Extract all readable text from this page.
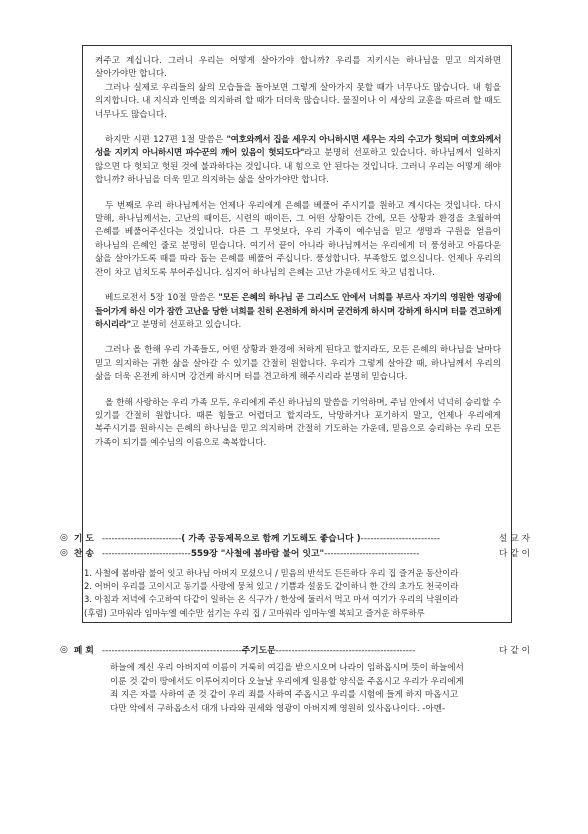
켜주고 계십니다. 그러니 우리는 어떻게 살아가야 합니까? 우리를 지키시는 하나님을 믿고 의지하면 살아가야만 합니다.

그러나 실제로 우리들의 삶의 모습들을 돌아보면 그렇게 살아가지 못할 때가 너무나도 많습니다. 내 힘을 의지합니다. 내 지식과 인맥을 의지하려 할 때가 더더욱 많습니다. 물질이나 이 세상의 교훈을 따르려 할 때도 너무나도 많습니다.

하지만 시편 127편 1절 말씀은 "여호와께서 집을 세우지 아니하시면 세우는 자의 수고가 헛되며 여호와께서 성을 지키지 아니하시면 파수꾼의 깨어 있음이 헛되도다"라고 분명히 선포하고 있습니다. 하나님께서 일하지 않으면 다 헛되고 헛된 것에 불과하다는 것입니다. 내 힘으로 안 된다는 것입니다. 그러니 우리는 어떻게 해야 합니까? 하나님을 더욱 믿고 의지하는 삶을 살아가야만 합니다.

두 번째로 우리 하나님께서는 언제나 우리에게 은혜를 베풀어 주시기를 원하고 계시다는 것입니다. 다시 말해, 하나님께서는, 고난의 때이든, 시련의 때이든, 그 어떤 상황이든 간에, 모든 상황과 환경을 초월하여 은혜를 베풀어주신다는 것입니다. 다른 그 무엇보다, 우리 가족이 예수님을 믿고 생명과 구원을 얻음이 하나님의 은혜인 줄로 분명히 믿습니다. 여기서 끝이 아니라 하나님께서는 우리에게 더 풍성하고 아름다운 삶을 살아가도록 때를 따라 돕는 은혜를 베풀어 주십니다. 풍성합니다. 부족함도 없으십니다. 언제나 우리의 잔이 차고 넘치도록 부어주십니다. 심지어 하나님의 은혜는 고난 가운데서도 차고 넘칩니다.

베드로전서 5장 10절 말씀은 "모든 은혜의 하나님 곧 그리스도 안에서 너희를 부르사 자기의 영원한 영광에 들어가게 하신 이가 잠깐 고난을 당한 너희를 친히 온전하게 하시며 굳건하게 하시며 강하게 하시며 터를 견고하게 하시리라"고 분명히 선포하고 있습니다.

그러나 올 한해 우리 가족들도, 어떤 상황과 환경에 처하게 된다고 할지라도, 모든 은혜의 하나님을 날마다 믿고 의지하는 귀한 삶을 살아갈 수 있기를 간절히 원합니다. 우리가 그렇게 살아갈 때, 하나님께서 우리의 삶을 더욱 온전케 하시며 강건케 하시며 터를 견고하게 해주시리라 분명히 믿습니다.

올 한해 사랑하는 우리 가족 모두, 우리에게 주신 하나님의 말씀을 기억하며, 주님 안에서 넉넉히 승리할 수 있기를 간절히 원합니다. 때론 힘들고 어렵더고 할지라도, 낙망하거나 포기하지 말고, 언제나 우리에게 복주시기를 원하시는 은혜의 하나님을 믿고 의지하며 간절히 기도하는 가운데, 믿음으로 승리하는 우리 모든 가족이 되기를 예수님의 이름으로 축복합니다.

◎ 기 도 -------------------------( 가족 공동제목으로 함께 기도해도 좋습니다 )-------------------------	설 교 자
◎ 찬 송 ----------------------------559장 "사철에 봄바람 불어 잇고"------------------------------	다 같 이
1. 사철에 봄바람 불어 잇고 하나님 아버지 모셨으니 / 믿음의 반석도 든든하다 우리 집 즐거운 동산이라
2. 어버이 우리를 고이시고 동기를 사랑에 뭉쳐 있고 / 기쁨과 설움도 같이하니 한 간의 초가도 천국이라
3. 아침과 저녁에 수고하여 다같이 일하는 온 식구가 / 한상에 둘러서 먹고 마셔 여기가 우리의 낙원이라
(후렴) 고마워라 임마누엘 예수만 섬기는 우리 집 / 고마워라 임마누엘 복되고 즐거운 하루하루
◎ 폐 회 --------------------------------------------주기도문--------------------------------------------	다 같 이
하늘에 계신 우리 아버지여 이름이 거룩히 여김을 받으시오며 나라이 임하옵시며 뜻이 하늘에서
이룬 것 같이 땅에서도 이루어지이다 오늘날 우리에게 일용할 양식을 주옵시고 우리가 우리에게
죄 지은 자를 사하여 준 것 같이 우리 죄를 사하여 주옵시고 우리를 시험에 들게 하지 마옵시고
다만 악에서 구하옵소서 대개 나라와 권세와 영광이 아버지께 영원히 있사옵나이다. -아멘-
